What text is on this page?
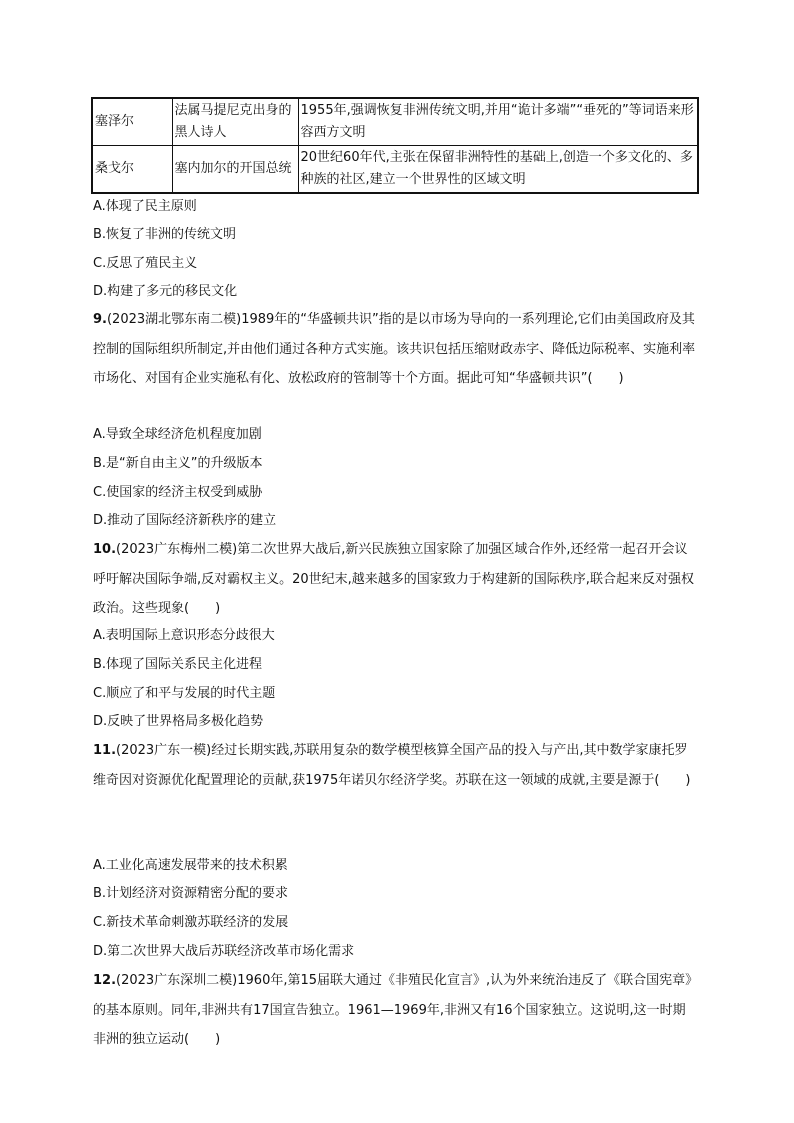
塞泽尔	法属马提尼克出身的黑人诗人	1955年,强调恢复非洲传统文明,并用“诡计多端”“垂死的”等词语来形容西方文明
桑戈尔	塞内加尔的开国总统	20世纪60年代,主张在保留非洲特性的基础上,创造一个多文化的、多种族的社区,建立一个世界性的区域文明
A.体现了民主原则
B.恢复了非洲的传统文明
C.反思了殖民主义
D.构建了多元的移民文化
9.(2023湖北鄂东南二模)1989年的“华盛顿共识”指的是以市场为导向的一系列理论,它们由美国政府及其控制的国际组织所制定,并由他们通过各种方式实施。该共识包括压缩财政赤字、降低边际税率、实施利率市场化、对国有企业实施私有化、放松政府的管制等十个方面。据此可知“华盛顿共识”(　　)
A.导致全球经济危机程度加剧
B.是“新自由主义”的升级版本
C.使国家的经济主权受到威胁
D.推动了国际经济新秩序的建立
10.(2023广东梅州二模)第二次世界大战后,新兴民族独立国家除了加强区域合作外,还经常一起召开会议呼吁解决国际争端,反对霸权主义。20世纪末,越来越多的国家致力于构建新的国际秩序,联合起来反对强权政治。这些现象(　　)
A.表明国际上意识形态分歧很大
B.体现了国际关系民主化进程
C.顺应了和平与发展的时代主题
D.反映了世界格局多极化趋势
11.(2023广东一模)经过长期实践,苏联用复杂的数学模型核算全国产品的投入与产出,其中数学家康托罗维奇因对资源优化配置理论的贡献,获1975年诺贝尔经济学奖。苏联在这一领域的成就,主要是源于(　　)
A.工业化高速发展带来的技术积累
B.计划经济对资源精密分配的要求
C.新技术革命刺激苏联经济的发展
D.第二次世界大战后苏联经济改革市场化需求
12.(2023广东深圳二模)1960年,第15届联大通过《非殖民化宣言》,认为外来统治违反了《联合国宪章》的基本原则。同年,非洲共有17国宣告独立。1961—1969年,非洲又有16个国家独立。这说明,这一时期非洲的独立运动(　　)
